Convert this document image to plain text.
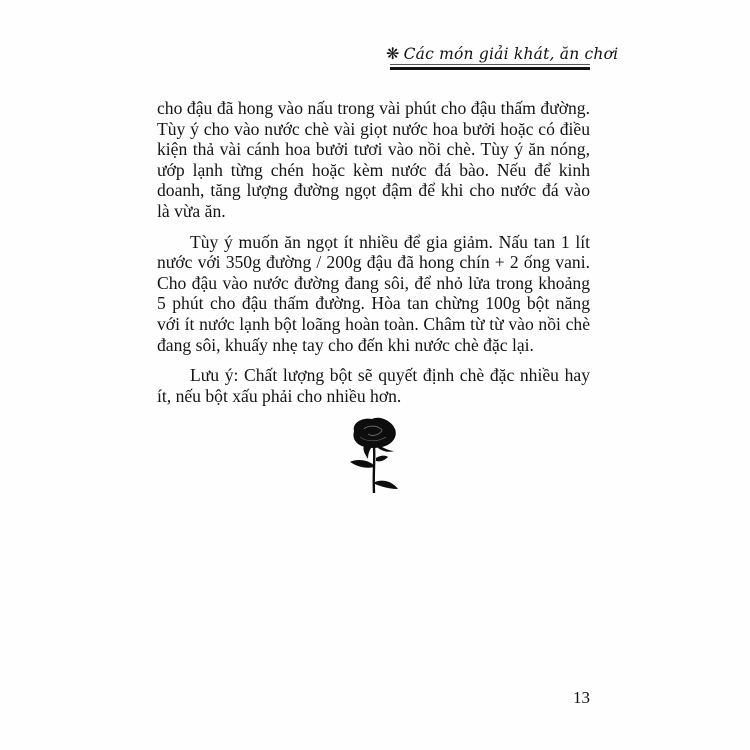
❋ Các món giải khát, ăn chơi

cho đậu đã hong vào nấu trong vài phút cho đậu thấm đường. Tùy ý cho vào nước chè vài giọt nước hoa bưởi hoặc có điều kiện thả vài cánh hoa bưởi tươi vào nồi chè. Tùy ý ăn nóng, ướp lạnh từng chén hoặc kèm nước đá bào. Nếu để kinh doanh, tăng lượng đường ngọt đậm để khi cho nước đá vào là vừa ăn.

Tùy ý muốn ăn ngọt ít nhiều để gia giảm. Nấu tan 1 lít nước với 350g đường / 200g đậu đã hong chín + 2 ống vani. Cho đậu vào nước đường đang sôi, để nhỏ lửa trong khoảng 5 phút cho đậu thấm đường. Hòa tan chừng 100g bột năng với ít nước lạnh bột loãng hoàn toàn. Châm từ từ vào nồi chè đang sôi, khuấy nhẹ tay cho đến khi nước chè đặc lại.

Lưu ý: Chất lượng bột sẽ quyết định chè đặc nhiều hay ít, nếu bột xấu phải cho nhiều hơn.

13
